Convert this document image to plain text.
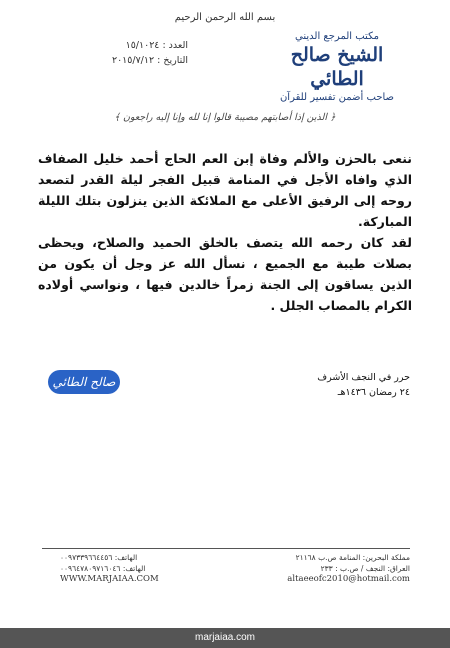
بسم الله الرحمن الرحيم
مكتب المرجع الديني
الشيخ صالح الطائي
صاحب أضمن تفسير للقرآن
العدد : ١٥/١٠٢٤
التاريخ : ٢٠١٥/٧/١٢
﴿ الذين إذا أصابتهم مصيبة قالوا إنا لله وإنا إليه راجعون ﴾

ننعى بالحزن والألم وفاة إبن العم الحاج أحمد خليل الصفاف الذي وافاه الأجل في المنامة قبيل الفجر ليلة القدر لتصعد روحه إلى الرفيق الأعلى مع الملائكة الذين ينزلون بتلك الليلة المباركة.

لقد كان رحمه الله يتصف بالخلق الحميد والصلاح، ويحظى بصلات طيبة مع الجميع ، نسأل الله عز وجل أن يكون من الذين يساقون إلى الجنة زمراً خالدين فيها ، ونواسي أولاده الكرام بالمصاب الجلل .

صالح الطائي	حرر في النجف الأشرف
٢٤ رمضان ١٤٣٦هـ
مملكة البحرين: المنامة ص.ب ٢١١٦٨
الهاتف: ٠٠٩٧٣٣٩٦٦٤٤٥٦
العراق: النجف / ص.ب : ٢٣٣
الهاتف: ٠٠٩٦٤٧٨٠٩٧١٦٠٤٦
altaeeofc2010@hotmail.com
WWW.MARJAIAA.COM
marjaiaa.com
